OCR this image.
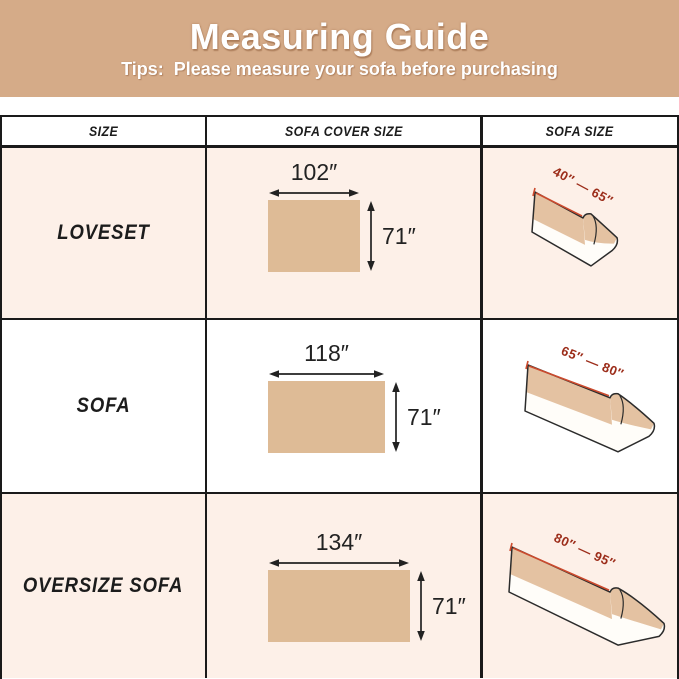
Measuring Guide
Tips:  Please measure your sofa before purchasing
SIZE	SOFA COVER SIZE	SOFA SIZE
LOVESET
102″
71″
40″ — 65″
SOFA
118″
71″
65″ — 80″
OVERSIZE SOFA
134″
71″
80″ — 95″
